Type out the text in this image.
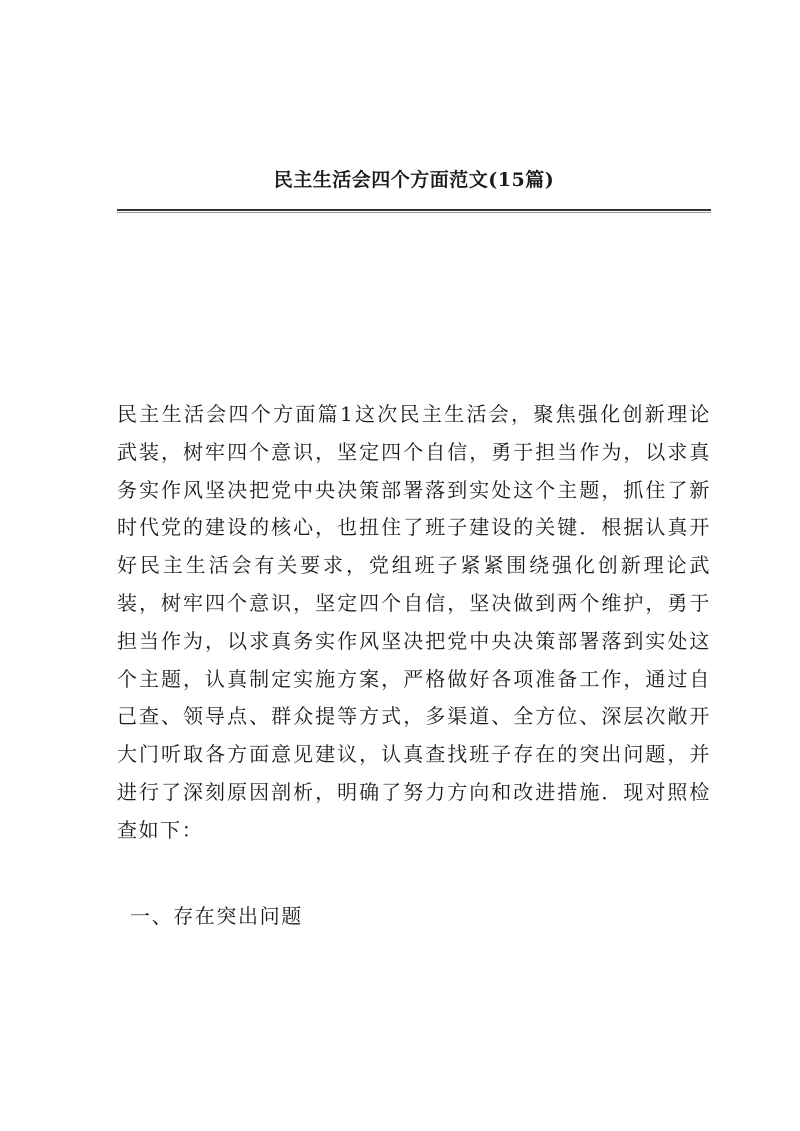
民主生活会四个方面范文(15篇)

民主生活会四个方面篇1这次民主生活会，聚焦强化创新理论武装，树牢四个意识，坚定四个自信，勇于担当作为，以求真务实作风坚决把党中央决策部署落到实处这个主题，抓住了新时代党的建设的核心，也扭住了班子建设的关键．根据认真开好民主生活会有关要求，党组班子紧紧围绕强化创新理论武装，树牢四个意识，坚定四个自信，坚决做到两个维护，勇于担当作为，以求真务实作风坚决把党中央决策部署落到实处这个主题，认真制定实施方案，严格做好各项准备工作，通过自己查、领导点、群众提等方式，多渠道、全方位、深层次敞开大门听取各方面意见建议，认真查找班子存在的突出问题，并进行了深刻原因剖析，明确了努力方向和改进措施．现对照检查如下：

一、存在突出问题
